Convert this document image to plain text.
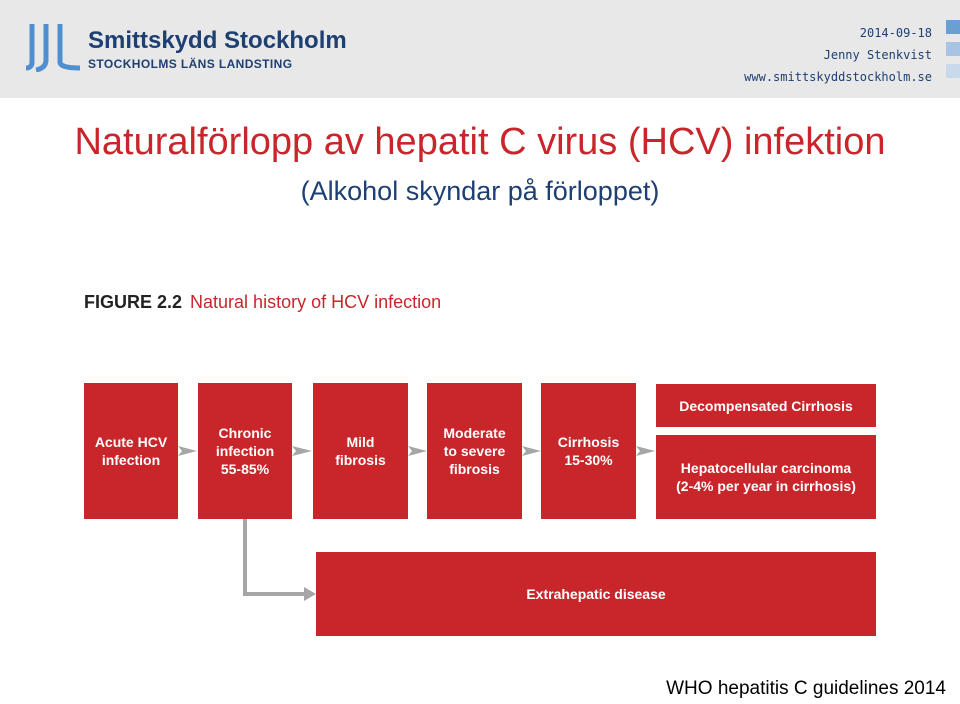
Smittskydd Stockholm
STOCKHOLMS LÄNS LANDSTING
2014-09-18
Jenny Stenkvist
www.smittskyddstockholm.se
Naturalförlopp av hepatit C virus (HCV) infektion
(Alkohol skyndar på förloppet)
FIGURE 2.2 Natural history of HCV infection
Acute HCV
infection
Chronic
infection
55-85%
Mild
fibrosis
Moderate
to severe
fibrosis
Cirrhosis
15-30%
Decompensated Cirrhosis
Hepatocellular carcinoma
(2-4% per year in cirrhosis)
Extrahepatic disease
WHO hepatitis C guidelines 2014
